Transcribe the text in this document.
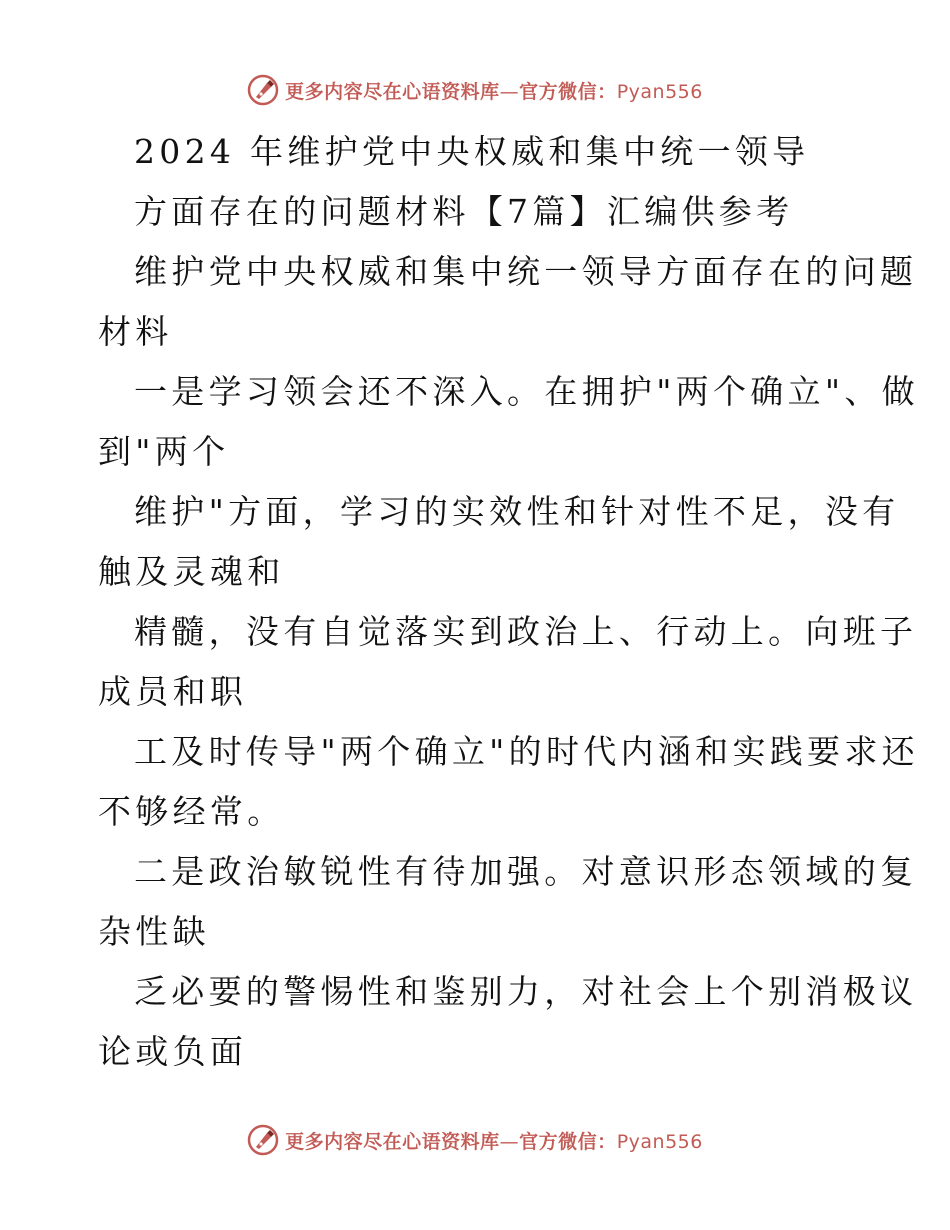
更多内容尽在心语资料库—官方微信：Pyan556
2024 年维护党中央权威和集中统一领导
方面存在的问题材料【7篇】汇编供参考
维护党中央权威和集中统一领导方面存在的问题
材料
一是学习领会还不深入。在拥护"两个确立"、做
到"两个
维护"方面，学习的实效性和针对性不足，没有
触及灵魂和
精髓，没有自觉落实到政治上、行动上。向班子
成员和职
工及时传导"两个确立"的时代内涵和实践要求还
不够经常。
二是政治敏锐性有待加强。对意识形态领域的复
杂性缺
乏必要的警惕性和鉴别力，对社会上个别消极议
论或负面
更多内容尽在心语资料库—官方微信：Pyan556
